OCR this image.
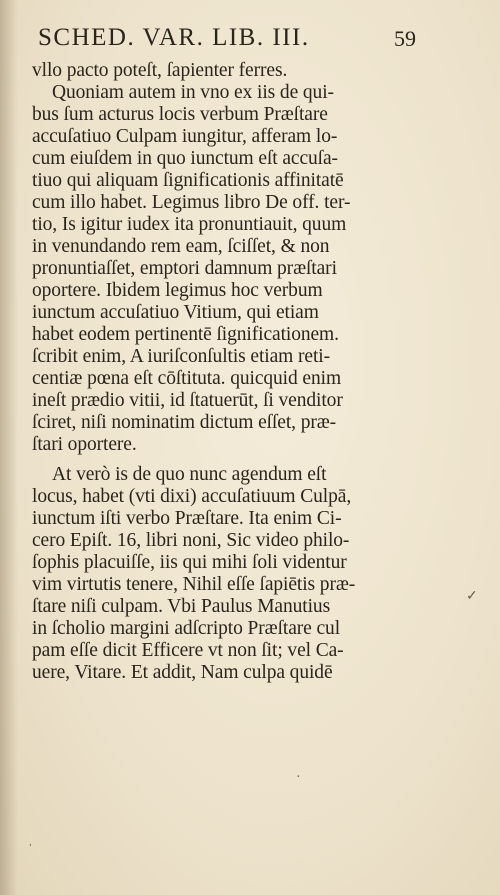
SCHED. VAR. LIB. III.	59
vllo pacto poteſt, ſapienter ferres.
Quoniam autem in vno ex iis de qui-
bus ſum acturus locis verbum Præſtare
accuſatiuo Culpam iungitur, afferam lo-
cum eiuſdem in quo iunctum eſt accuſa-
tiuo qui aliquam ſignificationis affinitatē
cum illo habet. Legimus libro De off. ter-
tio, Is igitur iudex ita pronuntiauit, quum
in venundando rem eam, ſciſſet, & non
pronuntiaſſet, emptori damnum præſtari
oportere. Ibidem legimus hoc verbum
iunctum accuſatiuo Vitium, qui etiam
habet eodem pertinentē ſignificationem.
ſcribit enim, A iuriſconſultis etiam reti-
centiæ pœna eſt cōſtituta. quicquid enim
ineſt prædio vitii, id ſtatuerūt, ſi venditor
ſciret, niſi nominatim dictum eſſet, præ-
ſtari oportere.
At verò is de quo nunc agendum eſt
locus, habet (vti dixi) accuſatiuum Culpā,
iunctum iſti verbo Præſtare. Ita enim Ci-
cero Epiſt. 16, libri noni, Sic video philo-
ſophis placuiſſe, iis qui mihi ſoli videntur
vim virtutis tenere, Nihil eſſe ſapiētis præ-
ſtare niſi culpam. Vbi Paulus Manutius
in ſcholio margini adſcripto Præſtare cul
pam eſſe dicit Efficere vt non ſit; vel Ca-
uere, Vitare. Et addit, Nam culpa quidē
✓
·
ˌ
